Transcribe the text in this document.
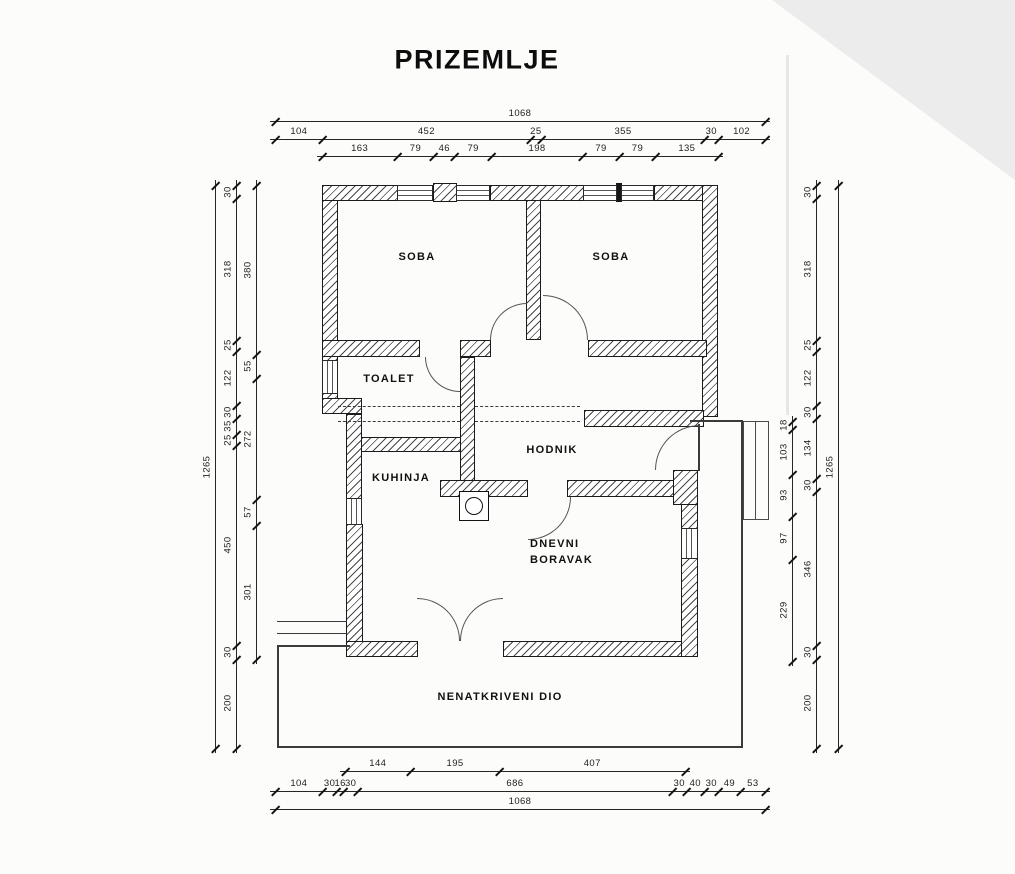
PRIZEMLJE
SOBA	SOBA
TOALET
KUHINJA
HODNIK
DNEVNI
BORAVAK
NENATKRIVENI DIO
1068
104	452	25	355	30 102
163	79 46 79	198	79	79	135
144	195	407
104 30 16 30	686	30 40 30 49 53
1068
1265
30
318
25
122
30
35
25
450
30
200
380
55
272
57
301
18
103
93
97
229
30
318
25
122
30
134
30
346
30
200
1265
